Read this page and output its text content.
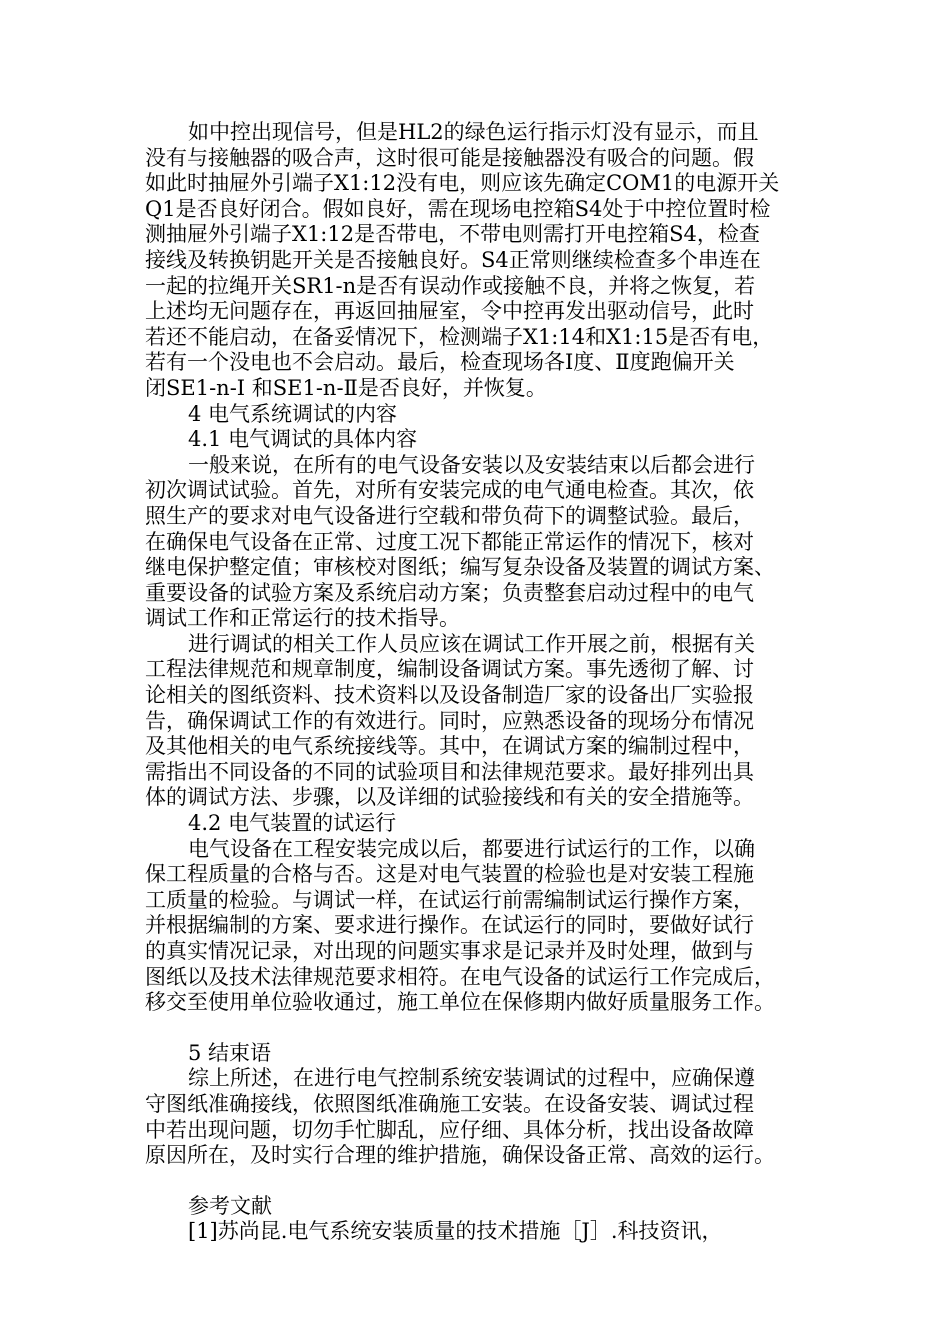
如中控出现信号，但是HL2的绿色运行指示灯没有显示，而且
没有与接触器的吸合声，这时很可能是接触器没有吸合的问题。假
如此时抽屉外引端子X1:12没有电，则应该先确定COM1的电源开关
Q1是否良好闭合。假如良好，需在现场电控箱S4处于中控位置时检
测抽屉外引端子X1:12是否带电，不带电则需打开电控箱S4，检查
接线及转换钥匙开关是否接触良好。S4正常则继续检查多个串连在
一起的拉绳开关SR1-n是否有误动作或接触不良，并将之恢复，若
上述均无问题存在，再返回抽屉室，令中控再发出驱动信号，此时
若还不能启动，在备妥情况下，检测端子X1:14和X1:15是否有电，
若有一个没电也不会启动。最后，检查现场各Ⅰ度、Ⅱ度跑偏开关
闭SE1-n-Ⅰ 和SE1-n-Ⅱ是否良好，并恢复。
4 电气系统调试的内容
4.1 电气调试的具体内容
一般来说，在所有的电气设备安装以及安装结束以后都会进行
初次调试试验。首先，对所有安装完成的电气通电检查。其次，依
照生产的要求对电气设备进行空载和带负荷下的调整试验。最后，
在确保电气设备在正常、过度工况下都能正常运作的情况下，核对
继电保护整定值；审核校对图纸；编写复杂设备及装置的调试方案、
重要设备的试验方案及系统启动方案；负责整套启动过程中的电气
调试工作和正常运行的技术指导。
进行调试的相关工作人员应该在调试工作开展之前，根据有关
工程法律规范和规章制度，编制设备调试方案。事先透彻了解、讨
论相关的图纸资料、技术资料以及设备制造厂家的设备出厂实验报
告，确保调试工作的有效进行。同时，应熟悉设备的现场分布情况
及其他相关的电气系统接线等。其中，在调试方案的编制过程中，
需指出不同设备的不同的试验项目和法律规范要求。最好排列出具
体的调试方法、步骤，以及详细的试验接线和有关的安全措施等。
4.2 电气装置的试运行
电气设备在工程安装完成以后，都要进行试运行的工作，以确
保工程质量的合格与否。这是对电气装置的检验也是对安装工程施
工质量的检验。与调试一样，在试运行前需编制试运行操作方案，
并根据编制的方案、要求进行操作。在试运行的同时，要做好试行
的真实情况记录，对出现的问题实事求是记录并及时处理，做到与
图纸以及技术法律规范要求相符。在电气设备的试运行工作完成后，
移交至使用单位验收通过，施工单位在保修期内做好质量服务工作。
5 结束语
综上所述，在进行电气控制系统安装调试的过程中，应确保遵
守图纸准确接线，依照图纸准确施工安装。在设备安装、调试过程
中若出现问题，切勿手忙脚乱，应仔细、具体分析，找出设备故障
原因所在，及时实行合理的维护措施，确保设备正常、高效的运行。
参考文献
[1]苏尚昆.电气系统安装质量的技术措施［J］.科技资讯，
